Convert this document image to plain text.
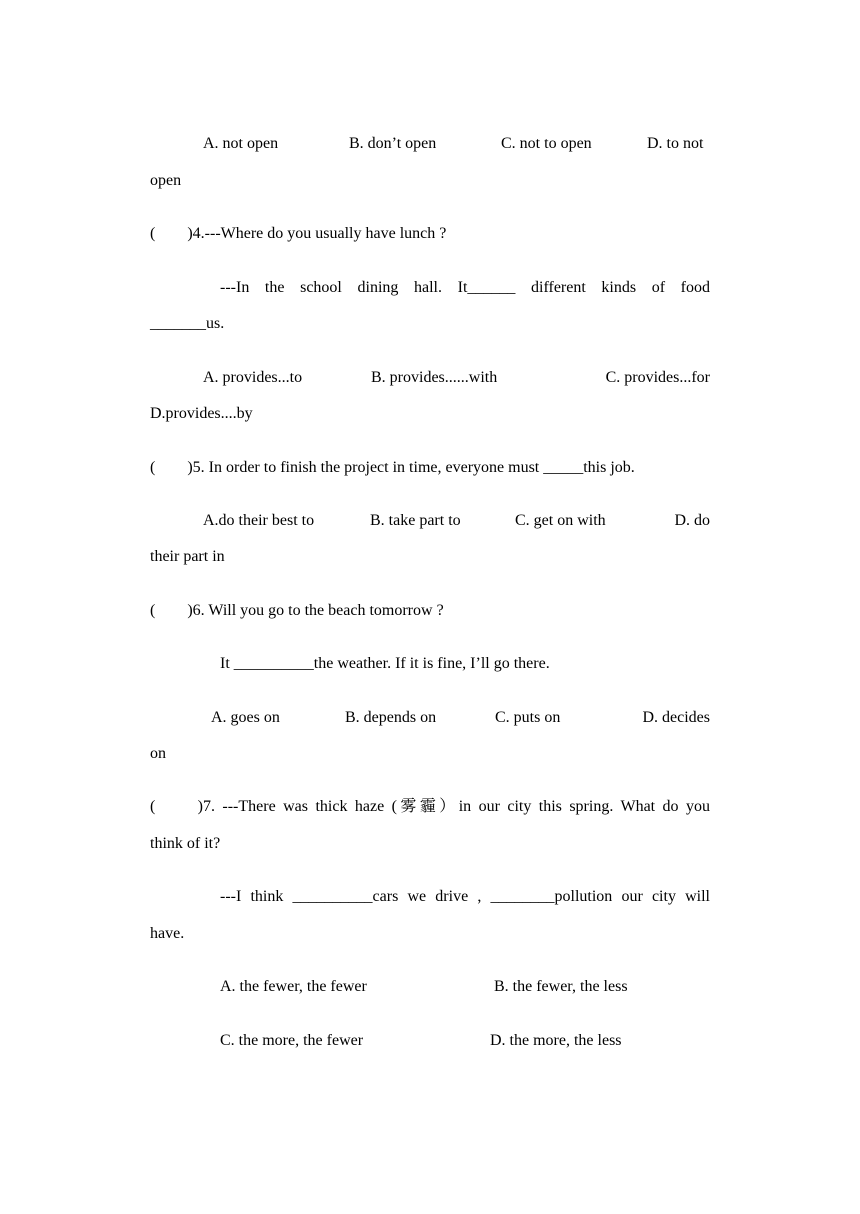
A. not open	B. don’t open	C. not to open	D. to not
open
(　　)4.---Where do you usually have lunch ?
---In the school dining hall. It______ different kinds of food
_______us.
A. provides...to	B. provides......with	C. provides...for
D.provides....by
(　　)5. In order to finish the project in time, everyone must _____this job.
A.do their best to	B. take part to	C. get on with	D. do
their part in
(　　)6. Will you go to the beach tomorrow ?
It __________the weather. If it is fine, I’ll go there.
A. goes on	B. depends on	C. puts on	D. decides
on
(　　)7. ---There was thick haze (雾霾）in our city this spring. What do you
think of it?
---I think __________cars we drive , ________pollution our city will
have.
A. the fewer, the fewer	B. the fewer, the less
C. the more, the fewer	D. the more, the less
